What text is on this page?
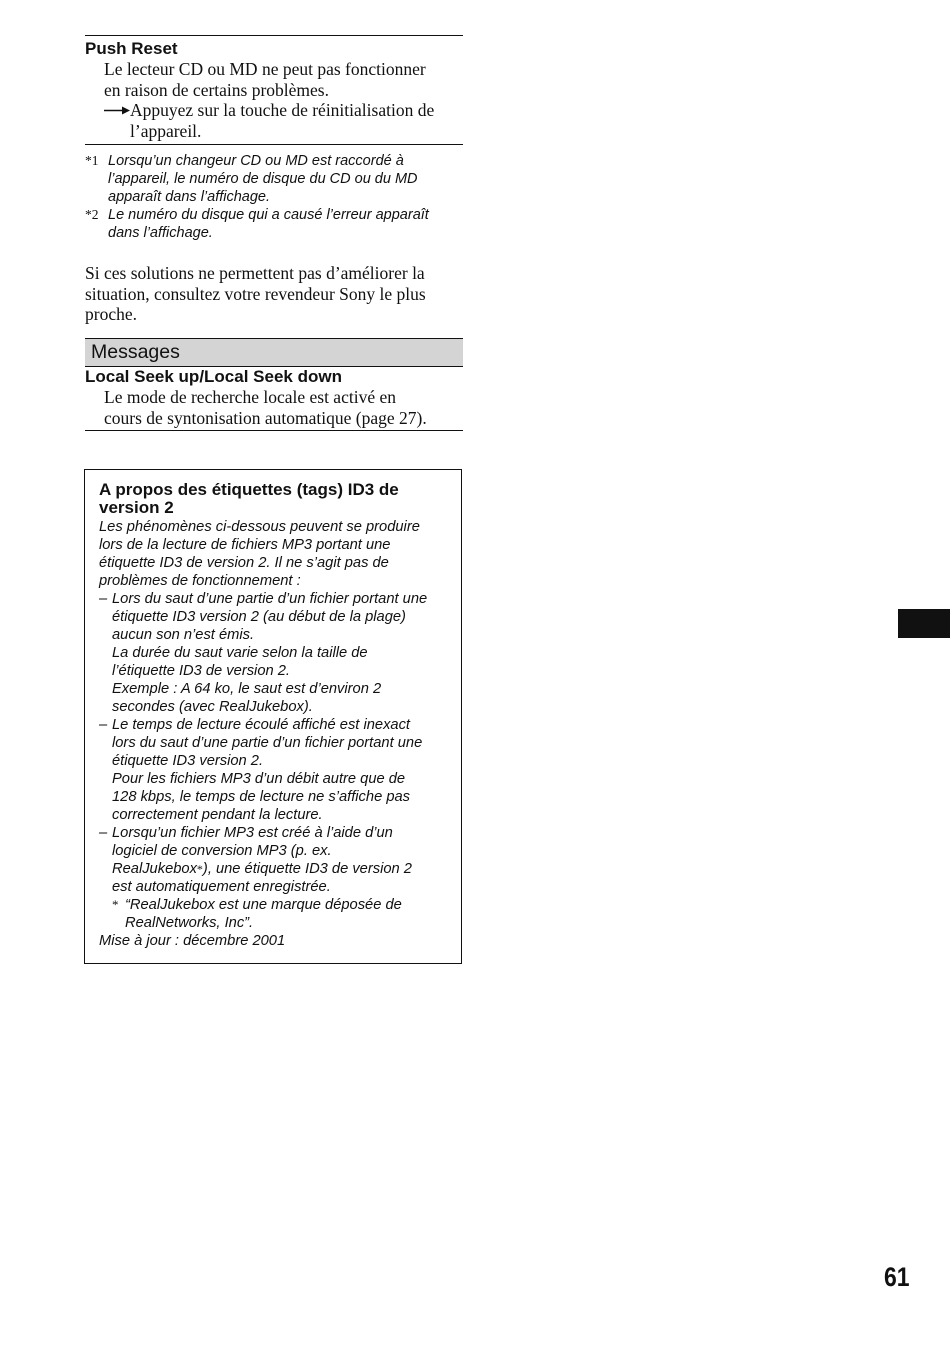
Push Reset
Le lecteur CD ou MD ne peut pas fonctionner
en raison de certains problèmes.
Appuyez sur la touche de réinitialisation de
l’appareil.
*1 Lorsqu’un changeur CD ou MD est raccordé à
l’appareil, le numéro de disque du CD ou du MD
apparaît dans l’affichage.
*2 Le numéro du disque qui a causé l’erreur apparaît
dans l’affichage.
Si ces solutions ne permettent pas d’améliorer la
situation, consultez votre revendeur Sony le plus
proche.
Messages
Local Seek up/Local Seek down
Le mode de recherche locale est activé en
cours de syntonisation automatique (page 27).
A propos des étiquettes (tags) ID3 de
version 2
Les phénomènes ci-dessous peuvent se produire
lors de la lecture de fichiers MP3 portant une
étiquette ID3 de version 2. Il ne s’agit pas de
problèmes de fonctionnement :
– Lors du saut d’une partie d’un fichier portant une
étiquette ID3 version 2 (au début de la plage)
aucun son n’est émis.
La durée du saut varie selon la taille de
l’étiquette ID3 de version 2.
Exemple : A 64 ko, le saut est d’environ 2
secondes (avec RealJukebox).
– Le temps de lecture écoulé affiché est inexact
lors du saut d’une partie d’un fichier portant une
étiquette ID3 version 2.
Pour les fichiers MP3 d’un débit autre que de
128 kbps, le temps de lecture ne s’affiche pas
correctement pendant la lecture.
– Lorsqu’un fichier MP3 est créé à l’aide d’un
logiciel de conversion MP3 (p. ex.
RealJukebox*), une étiquette ID3 de version 2
est automatiquement enregistrée.
* “RealJukebox est une marque déposée de
RealNetworks, Inc”.
Mise à jour : décembre 2001
61
